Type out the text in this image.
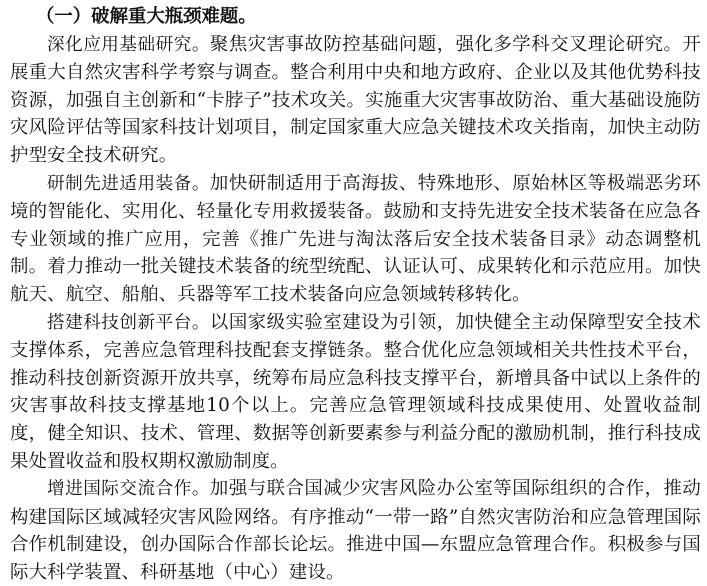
（一）破解重大瓶颈难题。

深化应用基础研究。聚焦灾害事故防控基础问题，强化多学科交叉理论研究。开展重大自然灾害科学考察与调查。整合利用中央和地方政府、企业以及其他优势科技资源，加强自主创新和“卡脖子”技术攻关。实施重大灾害事故防治、重大基础设施防灾风险评估等国家科技计划项目，制定国家重大应急关键技术攻关指南，加快主动防护型安全技术研究。

研制先进适用装备。加快研制适用于高海拔、特殊地形、原始林区等极端恶劣环境的智能化、实用化、轻量化专用救援装备。鼓励和支持先进安全技术装备在应急各专业领域的推广应用，完善《推广先进与淘汰落后安全技术装备目录》动态调整机制。着力推动一批关键技术装备的统型统配、认证认可、成果转化和示范应用。加快航天、航空、船舶、兵器等军工技术装备向应急领域转移转化。

搭建科技创新平台。以国家级实验室建设为引领，加快健全主动保障型安全技术支撑体系，完善应急管理科技配套支撑链条。整合优化应急领域相关共性技术平台，推动科技创新资源开放共享，统筹布局应急科技支撑平台，新增具备中试以上条件的灾害事故科技支撑基地10个以上。完善应急管理领域科技成果使用、处置收益制度，健全知识、技术、管理、数据等创新要素参与利益分配的激励机制，推行科技成果处置收益和股权期权激励制度。

增进国际交流合作。加强与联合国减少灾害风险办公室等国际组织的合作，推动构建国际区域减轻灾害风险网络。有序推动“一带一路”自然灾害防治和应急管理国际合作机制建设，创办国际合作部长论坛。推进中国—东盟应急管理合作。积极参与国际大科学装置、科研基地（中心）建设。
